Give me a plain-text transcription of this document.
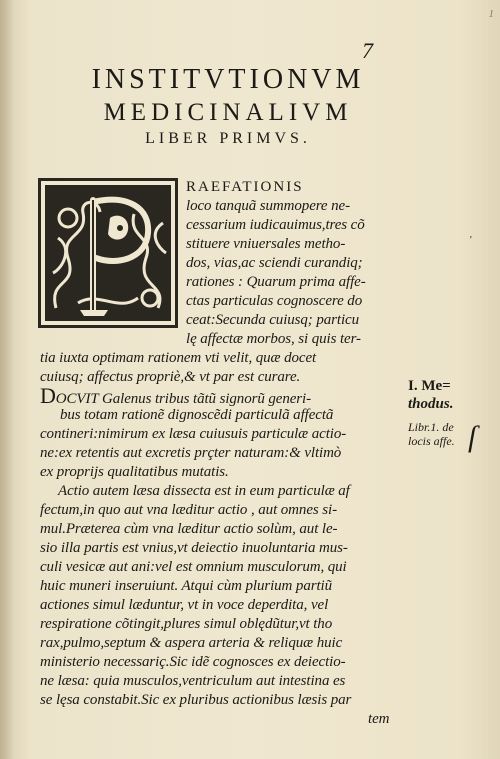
1
7
INSTITVTIONVM
MEDICINALIVM
LIBER PRIMVS.
RAEFATIONIS
loco tanquã summopere ne-
cessarium iudicauimus,tres cõ
stituere vniuersales metho-
dos, vias,ac sciendi curandiq;
rationes : Quarum prima affe-
ctas particulas cognoscere do
ceat:Secunda cuiusq; particu
lę affectæ morbos, si quis ter-
tia iuxta optimam rationem vti velit, quæ docet
cuiusq; affectus propriè,& vt par est curare.
DOCVIT Galenus tribus tãtũ signorũ generi-
bus totam rationẽ dignoscẽdi particulã affectã
contineri:nimirum ex læsa cuiusuis particulæ actio-
ne:ex retentis aut excretis prçter naturam:& vltimò
ex proprijs qualitatibus mutatis.
Actio autem læsa dissecta est in eum particulæ af
fectum,in quo aut vna læditur actio , aut omnes si-
mul.Præterea cùm vna læditur actio solùm, aut le-
sio illa partis est vnius,vt deiectio inuoluntaria mus-
culi vesicæ aut ani:vel est omnium musculorum, qui
huic muneri inseruiunt. Atqui cùm plurium partiũ
actiones simul læduntur, vt in voce deperdita, vel
respiratione cõtingit,plures simul oblędũtur,vt tho
rax,pulmo,septum & aspera arteria & reliquæ huic
ministerio necessariç.Sic idẽ cognosces ex deiectio-
ne læsa: quia musculos,ventriculum aut intestina es
se lęsa constabit.Sic ex pluribus actionibus læsis par
tem
I. Me=
thodus.
Libr.1. de
locis affe. ſ
'
